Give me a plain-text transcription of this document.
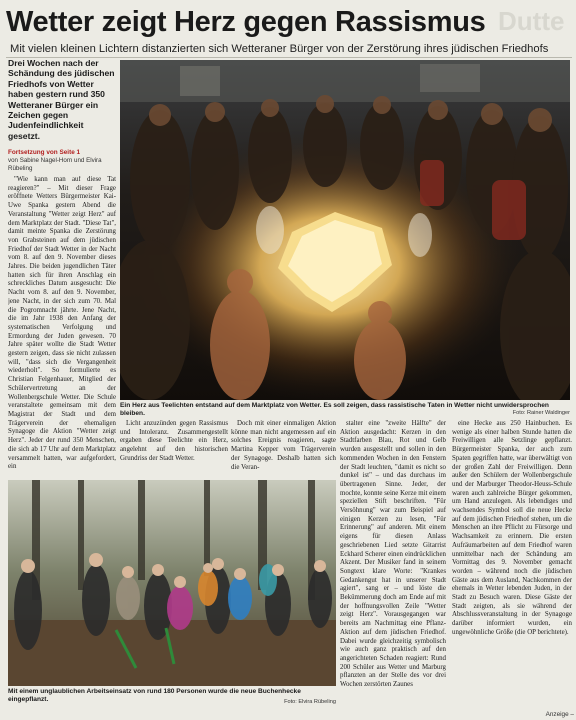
Wetter zeigt Herz gegen Rassismus Dutte
Mit vielen kleinen Lichtern distanzierten sich Wetteraner Bürger von der Zerstörung ihres jüdischen Friedhofs
Drei Wochen nach der Schändung des jüdischen Friedhofs von Wetter haben gestern rund 350 Wetteraner Bürger ein Zeichen gegen Judenfeindlichkeit gesetzt.
Fortsetzung von Seite 1
von Sabine Nagel-Horn und Elvira Rübeling

"Wie kann man auf diese Tat reagieren?" – Mit dieser Frage eröffnete Wetters Bürgermeister Kai-Uwe Spanka gestern Abend die Veranstaltung "Wetter zeigt Herz" auf dem Marktplatz der Stadt. "Diese Tat", damit meinte Spanka die Zerstörung von Grabsteinen auf dem jüdischen Friedhof der Stadt Wetter in der Nacht vom 8. auf den 9. November dieses Jahres. Die beiden jugendlichen Täter hatten sich für ihren Anschlag ein schreckliches Datum ausgesucht: Die Nacht vom 8. auf den 9. November, jene Nacht, in der sich zum 70. Mal die Pogromnacht jährte. Jene Nacht, die im Jahr 1938 den Anfang der systematischen Verfolgung und Ermordung der Juden gewesen. 70 Jahre später wollte die Stadt Wetter gestern zeigen, dass sie nicht zulassen will, "dass sich die Vergangenheit wiederholt". So formulierte es Christian Felgenhauer, Mitglied der Schülervertretung an der Wollenbergschule Wetter. Die Schule veranstaltete gemeinsam mit dem Magistrat der Stadt und dem Trägerverein der ehemaligen Synagoge die Aktion "Wetter zeigt Herz". Jeder der rund 350 Menschen, die sich ab 17 Uhr auf dem Marktplatz versammelt hatten, war aufgefordert, ein

Ein Herz aus Teelichten entstand auf dem Marktplatz von Wetter. Es soll zeigen, dass rassistische Taten in Wetter nicht unwidersprochen bleiben.	Foto: Rainer Waldinger

Licht anzuzünden gegen Rassismus und Intoleranz. Zusammengestellt ergaben diese Teelichte ein Herz, angelehnt auf den historischen Grundriss der Stadt Wetter.

Doch mit einer einmaligen Aktion könne man nicht angemessen auf ein solches Ereignis reagieren, sagte Martina Kepper vom Trägerverein der Synagoge. Deshalb hatten sich die Veran-

stalter eine "zweite Hälfte" der Aktion ausgedacht: Kerzen in den Stadtfarben Blau, Rot und Gelb wurden ausgestellt und sollen in den kommenden Wochen in den Fenstern der Stadt leuchten, "damit es nicht so dunkel ist" – und das durchaus im übertragenen Sinne. Jeder, der mochte, konnte seine Kerze mit einem speziellen Stift beschriften. "Für Versöhnung" war zum Beispiel auf einigen Kerzen zu lesen, "Für Erinnerung" auf anderen. Mit einem eigens für diesen Anlass geschriebenen Lied setzte Gitarrist Eckhard Scherer einen eindrücklichen Akzent. Der Musiker fand in seinem Songtext klare Worte: "Krankes Gedankengut hat in unserer Stadt agiert", sang er – und löste die Bekümmerung doch am Ende auf mit der hoffnungsvollen Zeile "Wetter zeigt Herz". Vorausgegangen war bereits am Nachmittag eine Pflanz-Aktion auf dem jüdischen Friedhof. Dabei wurde gleichzeitig symbolisch wie auch ganz praktisch auf den angerichteten Schaden reagiert: Rund 200 Schüler aus Wetter und Marburg pflanzten an der Stelle des vor drei Wochen zerstörten Zaunes

eine Hecke aus 250 Hainbuchen. Es wenige als einer halben Stunde hatten die Freiwilligen alle Setzlinge gepflanzt. Bürgermeister Spanka, der auch zum Spaten gegriffen hatte, war überwältigt von der großen Zahl der Freiwilligen. Denn außer den Schülern der Wollenbergschule und der Marburger Theodor-Heuss-Schule waren auch zahlreiche Bürger gekommen, um Hand anzulegen. Als lebendiges und wachsendes Symbol soll die neue Hecke auf dem jüdischen Friedhof stehen, um die Menschen an ihre Pflicht zu Fürsorge und Wachsamkeit zu erinnern. Die ersten Aufräumarbeiten auf dem Friedhof waren unmittelbar nach der Schändung am Vormittag des 9. November gemacht worden – während noch die jüdischen Gäste aus dem Ausland, Nachkommen der ehemals in Wetter lebenden Juden, in der Stadt zu Besuch waren. Diese Gäste der Stadt zeigten, als sie während der Abschlussveranstaltung in der Synagoge darüber informiert wurden, ein ungewöhnliche Größe (die OP berichtete).

Mit einem unglaublichen Arbeitseinsatz von rund 180 Personen wurde die neue Buchenhecke eingepflanzt.	Foto: Elvira Rübeling
Anzeige –
